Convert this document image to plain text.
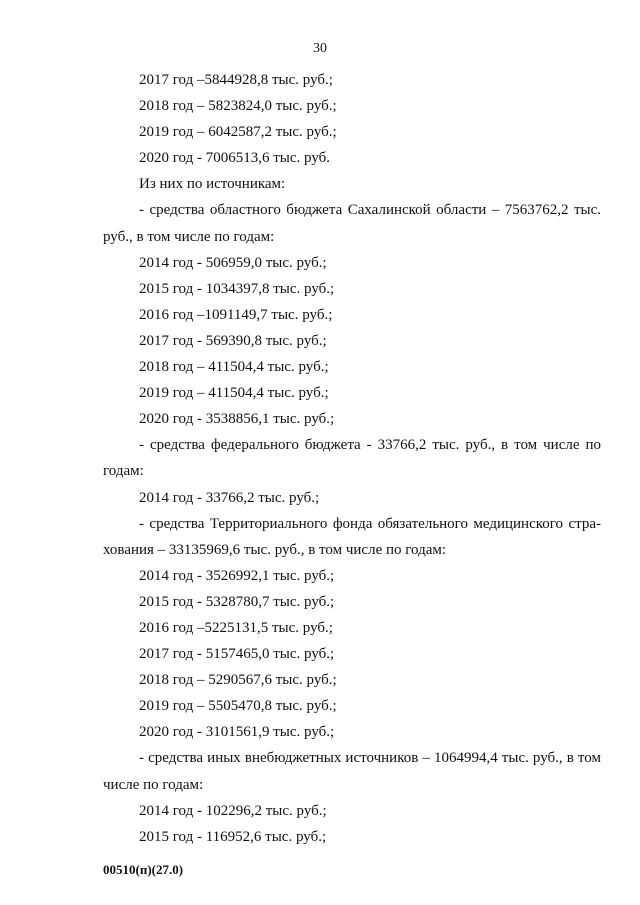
30
2017 год –5844928,8 тыс. руб.;
2018 год – 5823824,0 тыс. руб.;
2019 год – 6042587,2 тыс. руб.;
2020 год - 7006513,6 тыс. руб.
Из них по источникам:
- средства областного бюджета Сахалинской области – 7563762,2 тыс.
руб., в том числе по годам:
2014 год - 506959,0 тыс. руб.;
2015 год - 1034397,8 тыс. руб.;
2016 год –1091149,7 тыс. руб.;
2017 год - 569390,8 тыс. руб.;
2018 год – 411504,4 тыс. руб.;
2019 год – 411504,4 тыс. руб.;
2020 год - 3538856,1 тыс. руб.;
- средства федерального бюджета - 33766,2 тыс. руб., в том числе по
годам:
2014 год - 33766,2 тыс. руб.;
- средства Территориального фонда обязательного медицинского стра-
хования – 33135969,6 тыс. руб., в том числе по годам:
2014 год - 3526992,1 тыс. руб.;
2015 год - 5328780,7 тыс. руб.;
2016 год –5225131,5 тыс. руб.;
2017 год - 5157465,0 тыс. руб.;
2018 год – 5290567,6 тыс. руб.;
2019 год – 5505470,8 тыс. руб.;
2020 год - 3101561,9 тыс. руб.;
- средства иных внебюджетных источников – 1064994,4 тыс. руб., в том
числе по годам:
2014 год - 102296,2 тыс. руб.;
2015 год - 116952,6 тыс. руб.;
00510(п)(27.0)
